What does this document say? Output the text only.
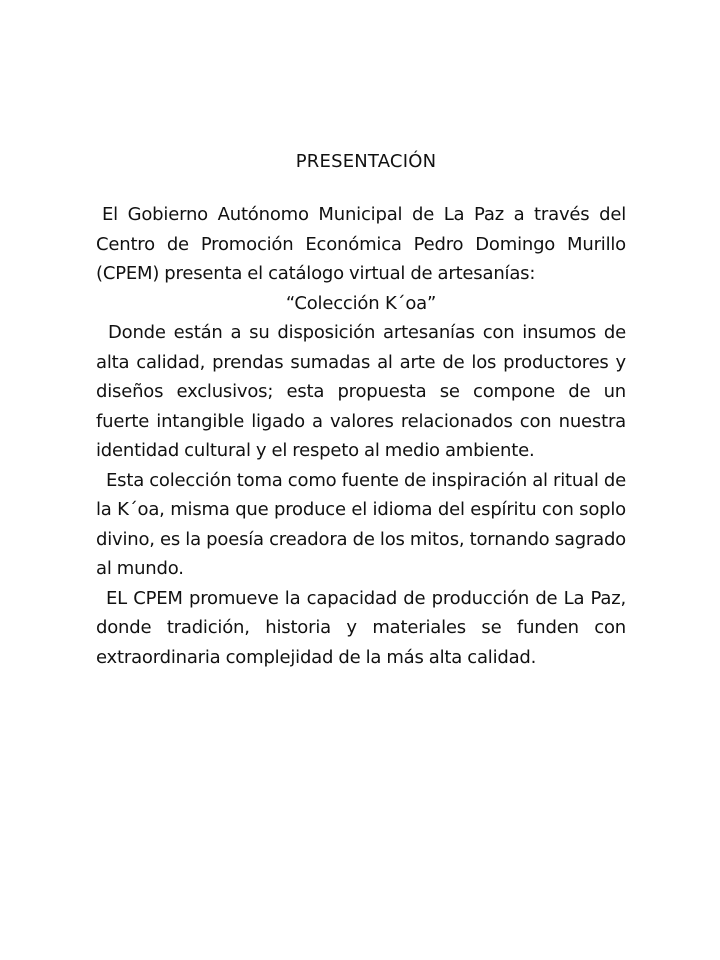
PRESENTACIÓN

El Gobierno Autónomo Municipal de La Paz a través del Centro de Promoción Económica Pedro Domingo Murillo (CPEM) presenta el catálogo virtual de artesanías:

“Colección K´oa”

Donde están a su disposición artesanías con insumos de alta calidad, prendas sumadas al arte de los productores y diseños exclusivos; esta propuesta se compone de un fuerte intangible ligado a valores relacionados con nuestra identidad cultural y el respeto al medio ambiente.

Esta colección toma como fuente de inspiración al ritual de la K´oa, misma que produce el idioma del espíritu con soplo divino, es la poesía creadora de los mitos, tornando sagrado al mundo.

EL CPEM promueve la capacidad de producción de La Paz, donde tradición, historia y materiales se funden con extraordinaria complejidad de la más alta calidad.
